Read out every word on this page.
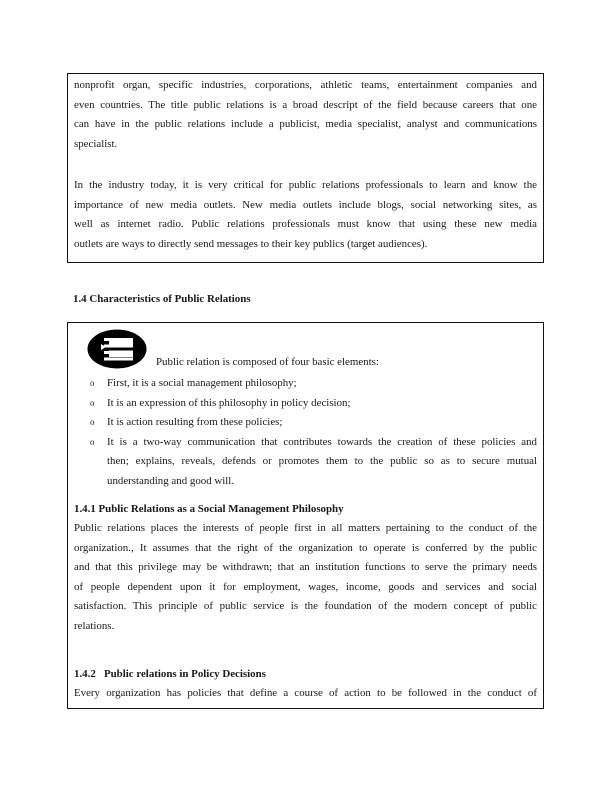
nonprofit organ, specific industries, corporations, athletic teams, entertainment companies and
even countries. The title public relations is a broad descript of the field because careers that one
can have in the public relations include a publicist, media specialist, analyst and communications
specialist.
In the industry today, it is very critical for public relations professionals to learn and know the
importance of new media outlets. New media outlets include blogs, social networking sites, as
well as internet radio. Public relations professionals must know that using these new media
outlets are ways to directly send messages to their key publics (target audiences).
1.4 Characteristics of Public Relations
Public relation is composed of four basic elements:
o First, it is a social management philosophy;
o It is an expression of this philosophy in policy decision;
o It is action resulting from these policies;
o It is a two-way communication that contributes towards the creation of these policies and
then; explains, reveals, defends or promotes them to the public so as to secure mutual
understanding and good will.
1.4.1 Public Relations as a Social Management Philosophy
Public relations places the interests of people first in all matters pertaining to the conduct of the
organization., It assumes that the right of the organization to operate is conferred by the public
and that this privilege may be withdrawn; that an institution functions to serve the primary needs
of people dependent upon it for employment, wages, income, goods and services and social
satisfaction. This principle of public service is the foundation of the modern concept of public
relations.
1.4.2   Public relations in Policy Decisions
Every organization has policies that define a course of action to be followed in the conduct of
